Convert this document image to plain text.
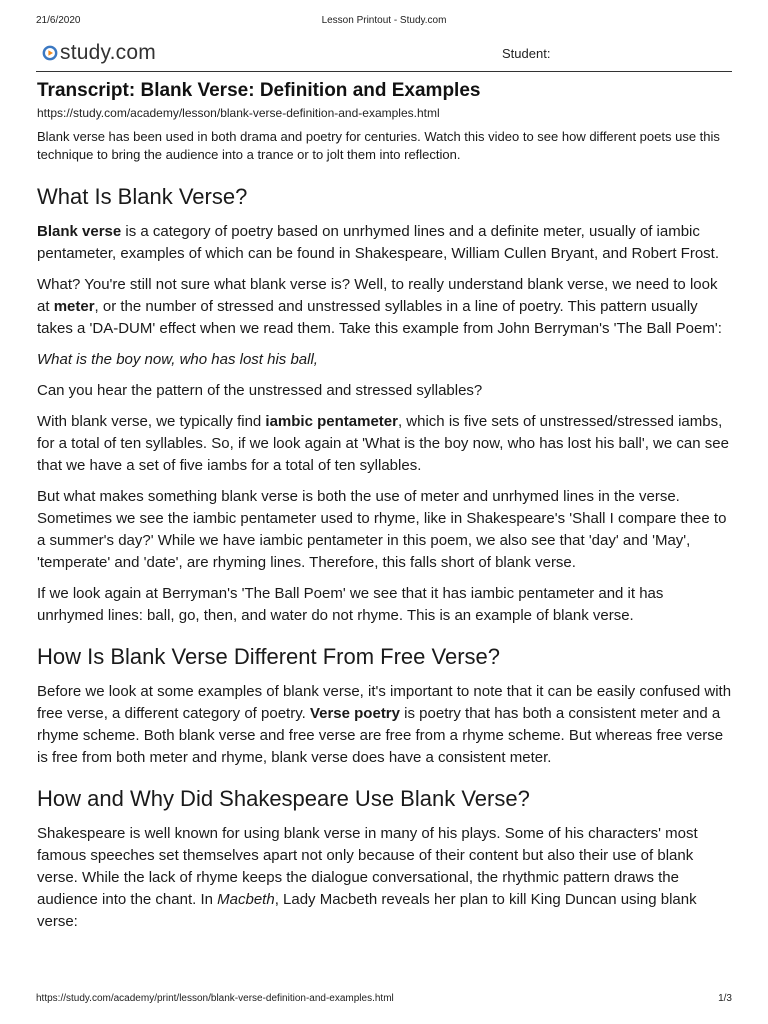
21/6/2020	Lesson Printout - Study.com
study.com	Student:
Transcript: Blank Verse: Definition and Examples
https://study.com/academy/lesson/blank-verse-definition-and-examples.html

Blank verse has been used in both drama and poetry for centuries. Watch this video to see how different poets use this technique to bring the audience into a trance or to jolt them into reflection.

What Is Blank Verse?

Blank verse is a category of poetry based on unrhymed lines and a definite meter, usually of iambic pentameter, examples of which can be found in Shakespeare, William Cullen Bryant, and Robert Frost.

What? You're still not sure what blank verse is? Well, to really understand blank verse, we need to look at meter, or the number of stressed and unstressed syllables in a line of poetry. This pattern usually takes a 'DA-DUM' effect when we read them. Take this example from John Berryman's 'The Ball Poem':

What is the boy now, who has lost his ball,

Can you hear the pattern of the unstressed and stressed syllables?

With blank verse, we typically find iambic pentameter, which is five sets of unstressed/stressed iambs, for a total of ten syllables. So, if we look again at 'What is the boy now, who has lost his ball', we can see that we have a set of five iambs for a total of ten syllables.

But what makes something blank verse is both the use of meter and unrhymed lines in the verse. Sometimes we see the iambic pentameter used to rhyme, like in Shakespeare's 'Shall I compare thee to a summer's day?' While we have iambic pentameter in this poem, we also see that 'day' and 'May', 'temperate' and 'date', are rhyming lines. Therefore, this falls short of blank verse.

If we look again at Berryman's 'The Ball Poem' we see that it has iambic pentameter and it has unrhymed lines: ball, go, then, and water do not rhyme. This is an example of blank verse.

How Is Blank Verse Different From Free Verse?

Before we look at some examples of blank verse, it's important to note that it can be easily confused with free verse, a different category of poetry. Verse poetry is poetry that has both a consistent meter and a rhyme scheme. Both blank verse and free verse are free from a rhyme scheme. But whereas free verse is free from both meter and rhyme, blank verse does have a consistent meter.

How and Why Did Shakespeare Use Blank Verse?

Shakespeare is well known for using blank verse in many of his plays. Some of his characters' most famous speeches set themselves apart not only because of their content but also their use of blank verse. While the lack of rhyme keeps the dialogue conversational, the rhythmic pattern draws the audience into the chant. In Macbeth, Lady Macbeth reveals her plan to kill King Duncan using blank verse:

https://study.com/academy/print/lesson/blank-verse-definition-and-examples.html	1/3
